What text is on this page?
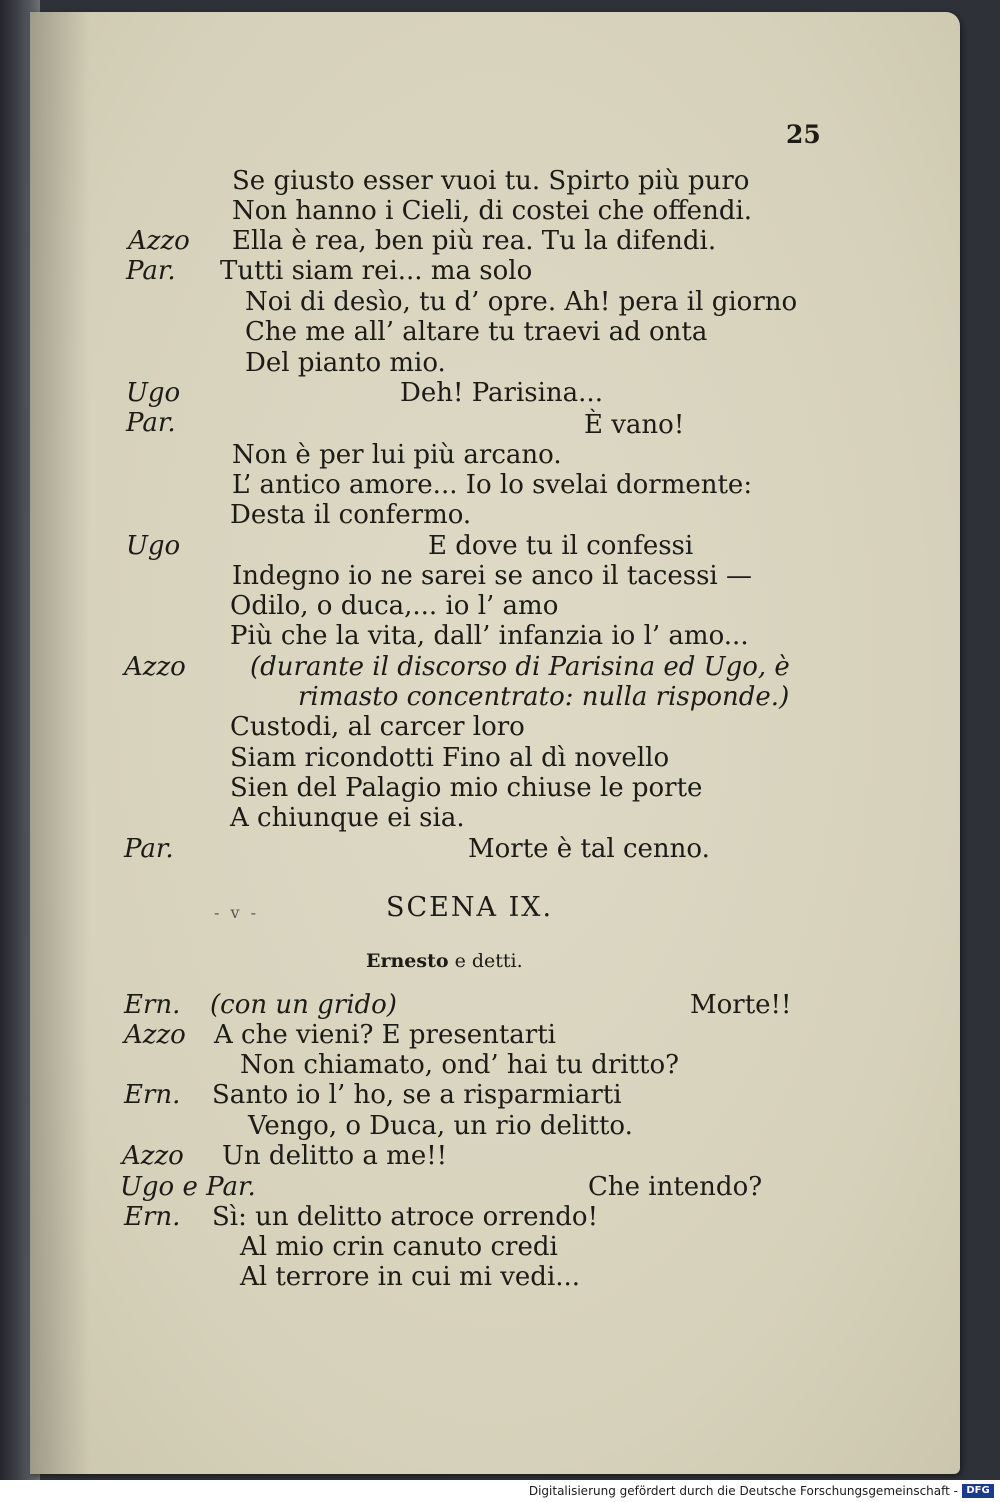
25
Se giusto esser vuoi tu. Spirto più puro
Non hanno i Cieli, di costei che offendi.
Azzo Ella è rea, ben più rea. Tu la difendi.
Par. Tutti siam rei... ma solo
Noi di desìo, tu d’ opre. Ah! pera il giorno
Che me all’ altare tu traevi ad onta
Del pianto mio.
Ugo	Deh! Parisina...
Par.	È vano!
Non è per lui più arcano.
L’ antico amore... Io lo svelai dormente:
Desta il confermo.
Ugo	E dove tu il confessi
Indegno io ne sarei se anco il tacessi —
Odilo, o duca,... io l’ amo
Più che la vita, dall’ infanzia io l’ amo...
Azzo (durante il discorso di Parisina ed Ugo, è
rimasto concentrato: nulla risponde.)
Custodi, al carcer loro
Siam ricondotti Fino al dì novello
Sien del Palagio mio chiuse le porte
A chiunque ei sia.
Par.	Morte è tal cenno.
- v -	SCENA IX.
Ernesto e detti.
Ern. (con un grido)	Morte!!
Azzo A che vieni? E presentarti
Non chiamato, ond’ hai tu dritto?
Ern. Santo io l’ ho, se a risparmiarti
Vengo, o Duca, un rio delitto.
Azzo Un delitto a me!!
Ugo e Par.	Che intendo?
Ern. Sì: un delitto atroce orrendo!
Al mio crin canuto credi
Al terrore in cui mi vedi...
Digitalisierung gefördert durch die Deutsche Forschungsgemeinschaft - DFG
